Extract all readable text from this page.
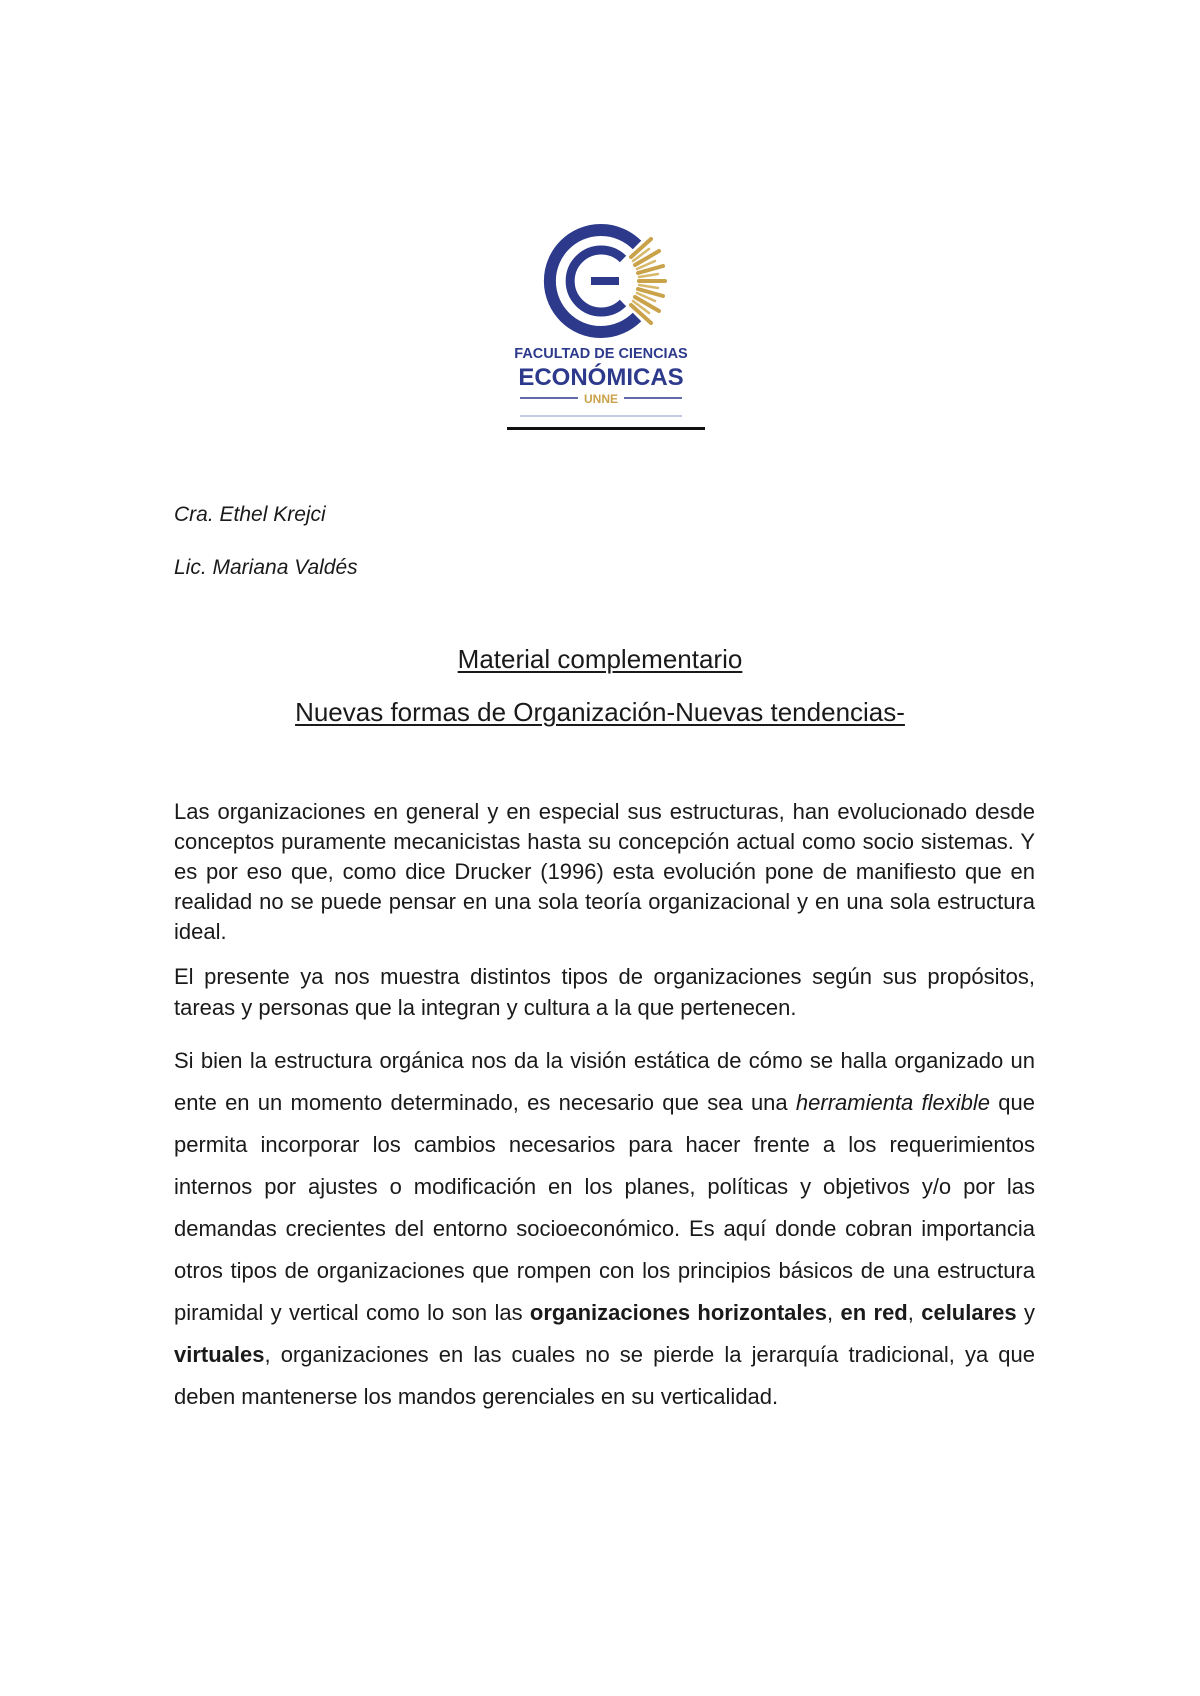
FACULTAD DE CIENCIAS
ECONÓMICAS
UNNE
Cra. Ethel Krejci
Lic. Mariana Valdés
Material complementario
Nuevas formas de Organización-Nuevas tendencias-

Las organizaciones en general y en especial sus estructuras, han evolucionado desde conceptos puramente mecanicistas hasta su concepción actual como socio sistemas. Y es por eso que, como dice Drucker (1996) esta evolución pone de manifiesto que en realidad no se puede pensar en una sola teoría organizacional y en una sola estructura ideal.

El presente ya nos muestra distintos tipos de organizaciones según sus propósitos, tareas y personas que la integran y cultura a la que pertenecen.

Si bien la estructura orgánica nos da la visión estática de cómo se halla organizado un ente en un momento determinado, es necesario que sea una herramienta flexible que permita incorporar los cambios necesarios para hacer frente a los requerimientos internos por ajustes o modificación en los planes, políticas y objetivos y/o por las demandas crecientes del entorno socioeconómico. Es aquí donde cobran importancia otros tipos de organizaciones que rompen con los principios básicos de una estructura piramidal y vertical como lo son las organizaciones horizontales, en red, celulares y virtuales, organizaciones en las cuales no se pierde la jerarquía tradicional, ya que deben mantenerse los mandos gerenciales en su verticalidad.
